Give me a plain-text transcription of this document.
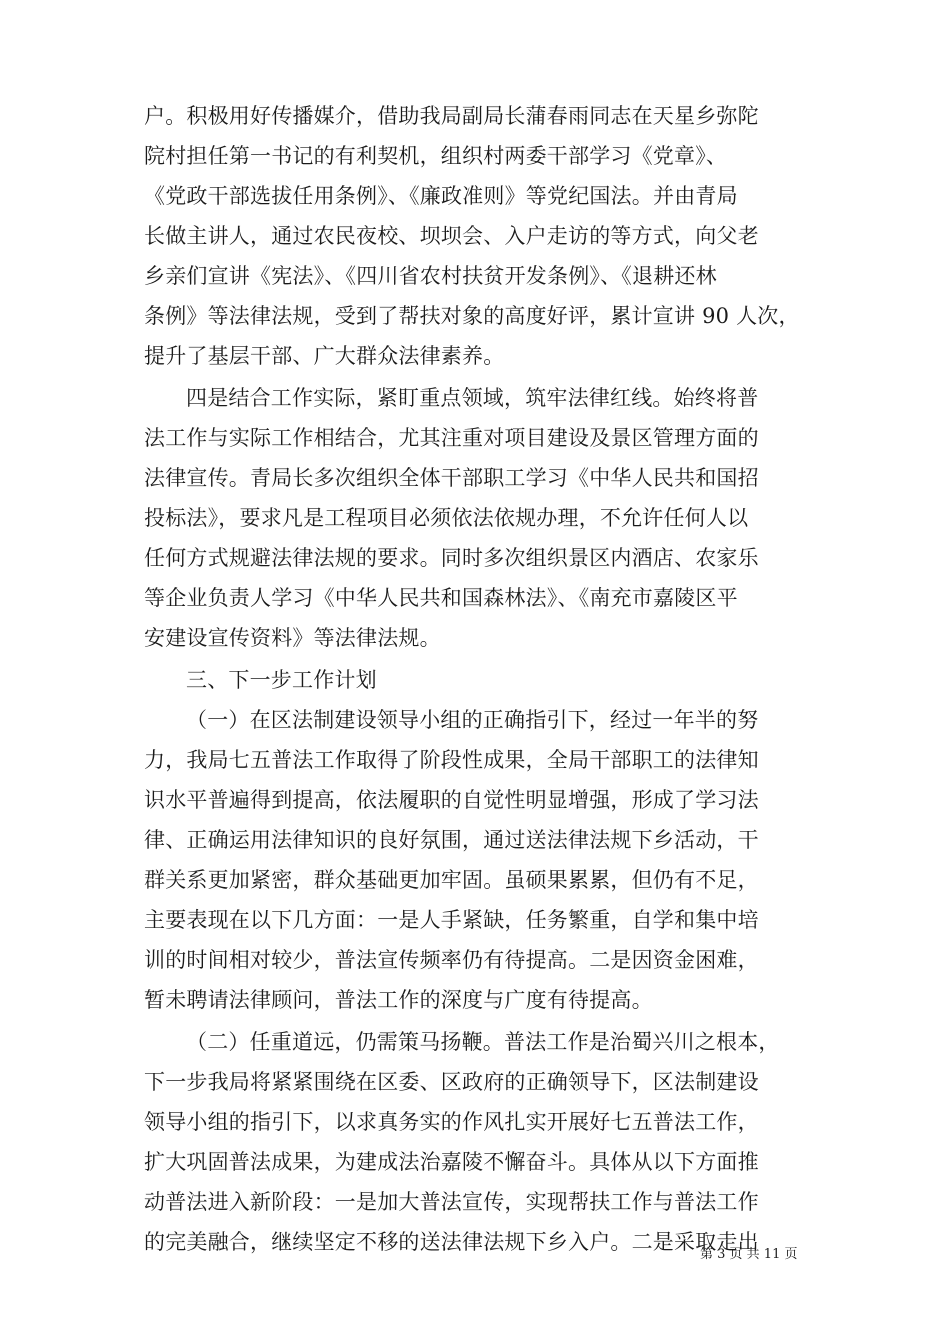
户。积极用好传播媒介，借助我局副局长蒲春雨同志在天星乡弥陀
院村担任第一书记的有利契机，组织村两委干部学习《党章》、
《党政干部选拔任用条例》、《廉政准则》等党纪国法。并由青局
长做主讲人，通过农民夜校、坝坝会、入户走访的等方式，向父老
乡亲们宣讲《宪法》、《四川省农村扶贫开发条例》、《退耕还林
条例》等法律法规，受到了帮扶对象的高度好评，累计宣讲 90 人次，
提升了基层干部、广大群众法律素养。
四是结合工作实际，紧盯重点领域，筑牢法律红线。始终将普
法工作与实际工作相结合，尤其注重对项目建设及景区管理方面的
法律宣传。青局长多次组织全体干部职工学习《中华人民共和国招
投标法》，要求凡是工程项目必须依法依规办理，不允许任何人以
任何方式规避法律法规的要求。同时多次组织景区内酒店、农家乐
等企业负责人学习《中华人民共和国森林法》、《南充市嘉陵区平
安建设宣传资料》等法律法规。
三、下一步工作计划
（一）在区法制建设领导小组的正确指引下，经过一年半的努
力，我局七五普法工作取得了阶段性成果，全局干部职工的法律知
识水平普遍得到提高，依法履职的自觉性明显增强，形成了学习法
律、正确运用法律知识的良好氛围，通过送法律法规下乡活动，干
群关系更加紧密，群众基础更加牢固。虽硕果累累，但仍有不足，
主要表现在以下几方面：一是人手紧缺，任务繁重，自学和集中培
训的时间相对较少，普法宣传频率仍有待提高。二是因资金困难，
暂未聘请法律顾问，普法工作的深度与广度有待提高。
（二）任重道远，仍需策马扬鞭。普法工作是治蜀兴川之根本，
下一步我局将紧紧围绕在区委、区政府的正确领导下，区法制建设
领导小组的指引下，以求真务实的作风扎实开展好七五普法工作，
扩大巩固普法成果，为建成法治嘉陵不懈奋斗。具体从以下方面推
动普法进入新阶段：一是加大普法宣传，实现帮扶工作与普法工作
的完美融合，继续坚定不移的送法律法规下乡入户。二是采取走出
第 3 页 共 11 页
